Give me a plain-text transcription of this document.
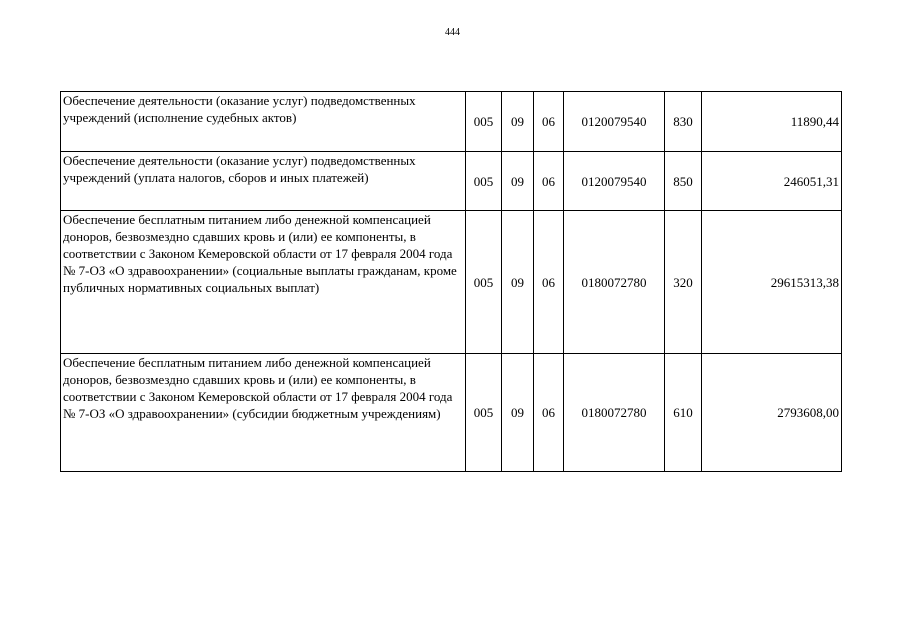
444
Обеспечение деятельности (оказание услуг) подведомственных учреждений (исполнение судебных актов)	005	09	06	0120079540	830	11890,44
Обеспечение деятельности (оказание услуг) подведомственных учреждений (уплата налогов, сборов и иных платежей)	005	09	06	0120079540	850	246051,31
Обеспечение бесплатным питанием либо денежной компенсацией доноров, безвозмездно сдавших кровь и (или) ее компоненты, в соответствии с Законом Кемеровской области от 17 февраля 2004 года № 7-ОЗ «О здравоохранении» (социальные выплаты гражданам, кроме публичных нормативных социальных выплат)	005	09	06	0180072780	320	29615313,38
Обеспечение бесплатным питанием либо денежной компенсацией доноров, безвозмездно сдавших кровь и (или) ее компоненты, в соответствии с Законом Кемеровской области от 17 февраля 2004 года № 7-ОЗ «О здравоохранении» (субсидии бюджетным учреждениям)	005	09	06	0180072780	610	2793608,00
